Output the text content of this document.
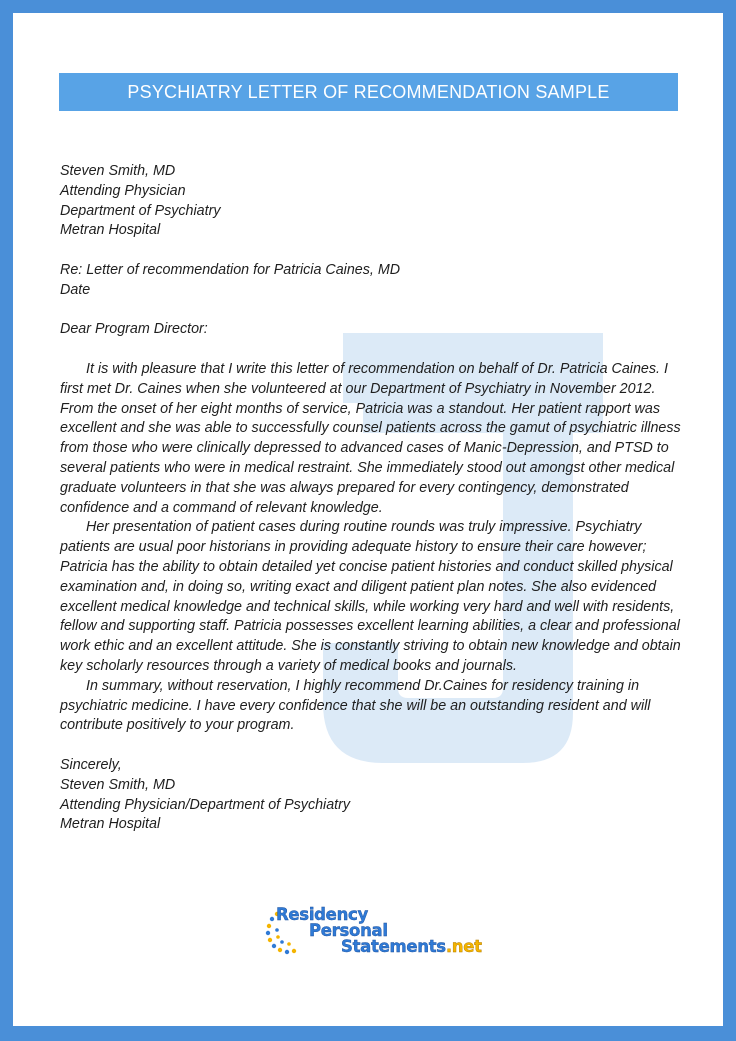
PSYCHIATRY LETTER OF RECOMMENDATION SAMPLE
Steven Smith, MD
Attending Physician
Department of Psychiatry
Metran Hospital
Re: Letter of recommendation for Patricia Caines, MD
Date
Dear Program Director:

It is with pleasure that I write this letter of recommendation on behalf of Dr. Patricia Caines. I first met Dr. Caines when she volunteered at our Department of Psychiatry in November 2012. From the onset of her eight months of service, Patricia was a standout. Her patient rapport was excellent and she was able to successfully counsel patients across the gamut of psychiatric illness from those who were clinically depressed to advanced cases of Manic-Depression, and PTSD to several patients who were in medical restraint. She immediately stood out amongst other medical graduate volunteers in that she was always prepared for every contingency, demonstrated confidence and a command of relevant knowledge.

Her presentation of patient cases during routine rounds was truly impressive. Psychiatry patients are usual poor historians in providing adequate history to ensure their care however; Patricia has the ability to obtain detailed yet concise patient histories and conduct skilled physical examination and, in doing so, writing exact and diligent patient plan notes. She also evidenced excellent medical knowledge and technical skills, while working very hard and well with residents, fellow and supporting staff. Patricia possesses excellent learning abilities, a clear and professional work ethic and an excellent attitude. She is constantly striving to obtain new knowledge and obtain key scholarly resources through a variety of medical books and journals.

In summary, without reservation, I highly recommend Dr.Caines for residency training in psychiatric medicine. I have every confidence that she will be an outstanding resident and will contribute positively to your program.

Sincerely,
Steven Smith, MD
Attending Physician/Department of Psychiatry
Metran Hospital
Residency
Personal
Statements.net
